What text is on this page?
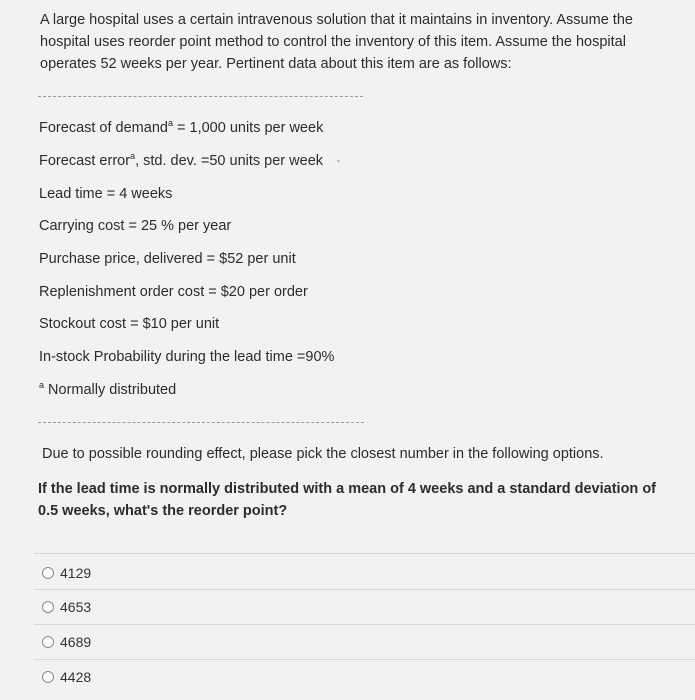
A large hospital uses a certain intravenous solution that it maintains in inventory. Assume the hospital uses reorder point method to control the inventory of this item. Assume the hospital operates 52 weeks per year. Pertinent data about this item are as follows:

Forecast of demand$^a$ = 1,000 units per week

Forecast error$^a$, std. dev. =50 units per week

Lead time = 4 weeks

Carrying cost = 25 % per year

Purchase price, delivered = $52 per unit

Replenishment order cost = $20 per order

Stockout cost = $10 per unit

In-stock Probability during the lead time =90%

$^a$ Normally distributed

Due to possible rounding effect, please pick the closest number in the following options.

If the lead time is normally distributed with a mean of 4 weeks and a standard deviation of 0.5 weeks, what's the reorder point?

4129
4653
4689
4428
